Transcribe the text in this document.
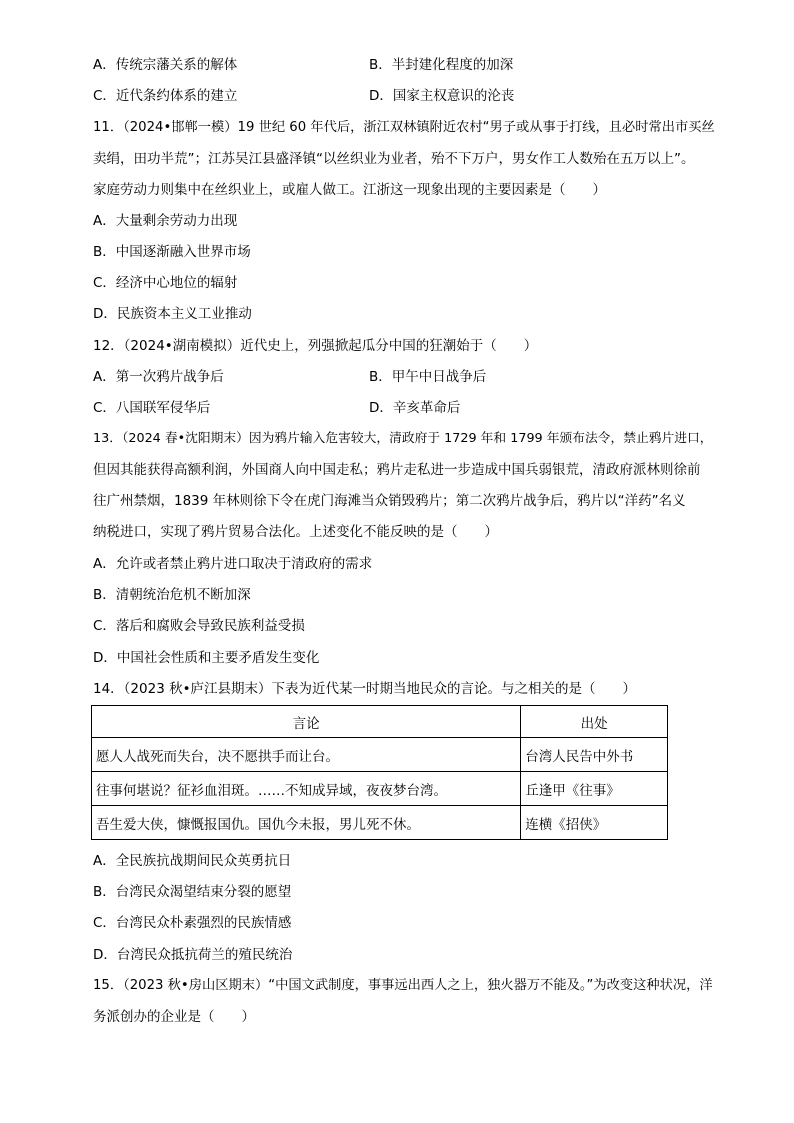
A．传统宗藩关系的解体	B．半封建化程度的加深
C．近代条约体系的建立	D．国家主权意识的沦丧
11．（2024•邯郸一模）19 世纪 60 年代后，浙江双林镇附近农村“男子或从事于打线，且必时常出市买丝
卖绢，田功半荒”；江苏吴江县盛泽镇“以丝织业为业者，殆不下万户，男女作工人数殆在五万以上”。
家庭劳动力则集中在丝织业上，或雇人做工。江浙这一现象出现的主要因素是（　　）
A．大量剩余劳动力出现
B．中国逐渐融入世界市场
C．经济中心地位的辐射
D．民族资本主义工业推动
12．（2024•湖南模拟）近代史上，列强掀起瓜分中国的狂潮始于（　　）
A．第一次鸦片战争后	B．甲午中日战争后
C．八国联军侵华后	D．辛亥革命后
13．（2024 春•沈阳期末）因为鸦片输入危害较大，清政府于 1729 年和 1799 年颁布法令，禁止鸦片进口，
但因其能获得高额利润，外国商人向中国走私；鸦片走私进一步造成中国兵弱银荒，清政府派林则徐前
往广州禁烟，1839 年林则徐下令在虎门海滩当众销毁鸦片；第二次鸦片战争后，鸦片以“洋药”名义
纳税进口，实现了鸦片贸易合法化。上述变化不能反映的是（　　）
A．允许或者禁止鸦片进口取决于清政府的需求
B．清朝统治危机不断加深
C．落后和腐败会导致民族利益受损
D．中国社会性质和主要矛盾发生变化
14．（2023 秋•庐江县期末）下表为近代某一时期当地民众的言论。与之相关的是（　　）
言论	出处
愿人人战死而失台，决不愿拱手而让台。	台湾人民告中外书
往事何堪说？征衫血泪斑。……不知成异域，夜夜梦台湾。	丘逢甲《往事》
吾生爱大侠，慷慨报国仇。国仇今未报，男儿死不休。	连横《招侠》
A．全民族抗战期间民众英勇抗日
B．台湾民众渴望结束分裂的愿望
C．台湾民众朴素强烈的民族情感
D．台湾民众抵抗荷兰的殖民统治
15．（2023 秋•房山区期末）“中国文武制度，事事远出西人之上，独火器万不能及。”为改变这种状况，洋
务派创办的企业是（　　）
